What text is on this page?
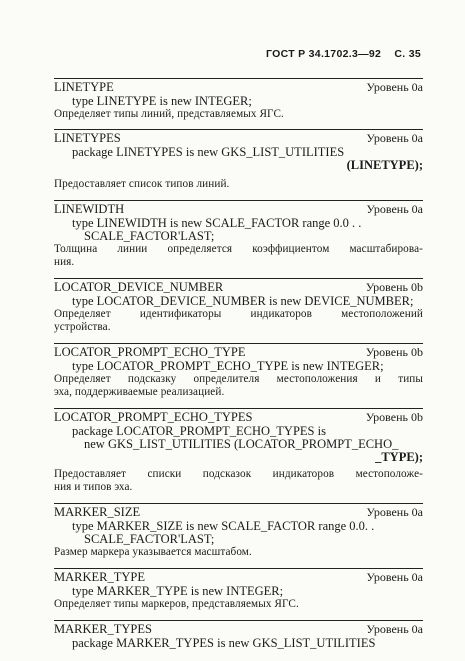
ГОСТ Р 34.1702.3—92 С. 35
LINETYPE	Уровень 0а
type LINETYPE is new INTEGER;
Определяет типы линий, представляемых ЯГС.
LINETYPES	Уровень 0а
package LINETYPES is new GKS_LIST_UTILITIES
(LINETYPE);
Предоставляет список типов линий.
LINEWIDTH	Уровень 0а
type LINEWIDTH is new SCALE_FACTOR range 0.0 . .
SCALE_FACTOR'LAST;
Толщина линии определяется коэффициентом масштабирова-
ния.
LOCATOR_DEVICE_NUMBER	Уровень 0b
type LOCATOR_DEVICE_NUMBER is new DEVICE_NUMBER;
Определяет идентификаторы индикаторов местоположений
устройства.
LOCATOR_PROMPT_ECHO_TYPE	Уровень 0b
type LOCATOR_PROMPT_ECHO_TYPE is new INTEGER;
Определяет подсказку определителя местоположения и типы
эха, поддерживаемые реализацией.
LOCATOR_PROMPT_ECHO_TYPES	Уровень 0b
package LOCATOR_PROMPT_ECHO_TYPES is
new GKS_LIST_UTILITIES (LOCATOR_PROMPT_ECHO_
_TYPE);
Предоставляет списки подсказок индикаторов местоположе-
ния и типов эха.
MARKER_SIZE	Уровень 0а
type MARKER_SIZE is new SCALE_FACTOR range 0.0. .
SCALE_FACTOR'LAST;
Размер маркера указывается масштабом.
MARKER_TYPE	Уровень 0а
type MARKER_TYPE is new INTEGER;
Определяет типы маркеров, представляемых ЯГС.
MARKER_TYPES	Уровень 0а
package MARKER_TYPES is new GKS_LIST_UTILITIES
